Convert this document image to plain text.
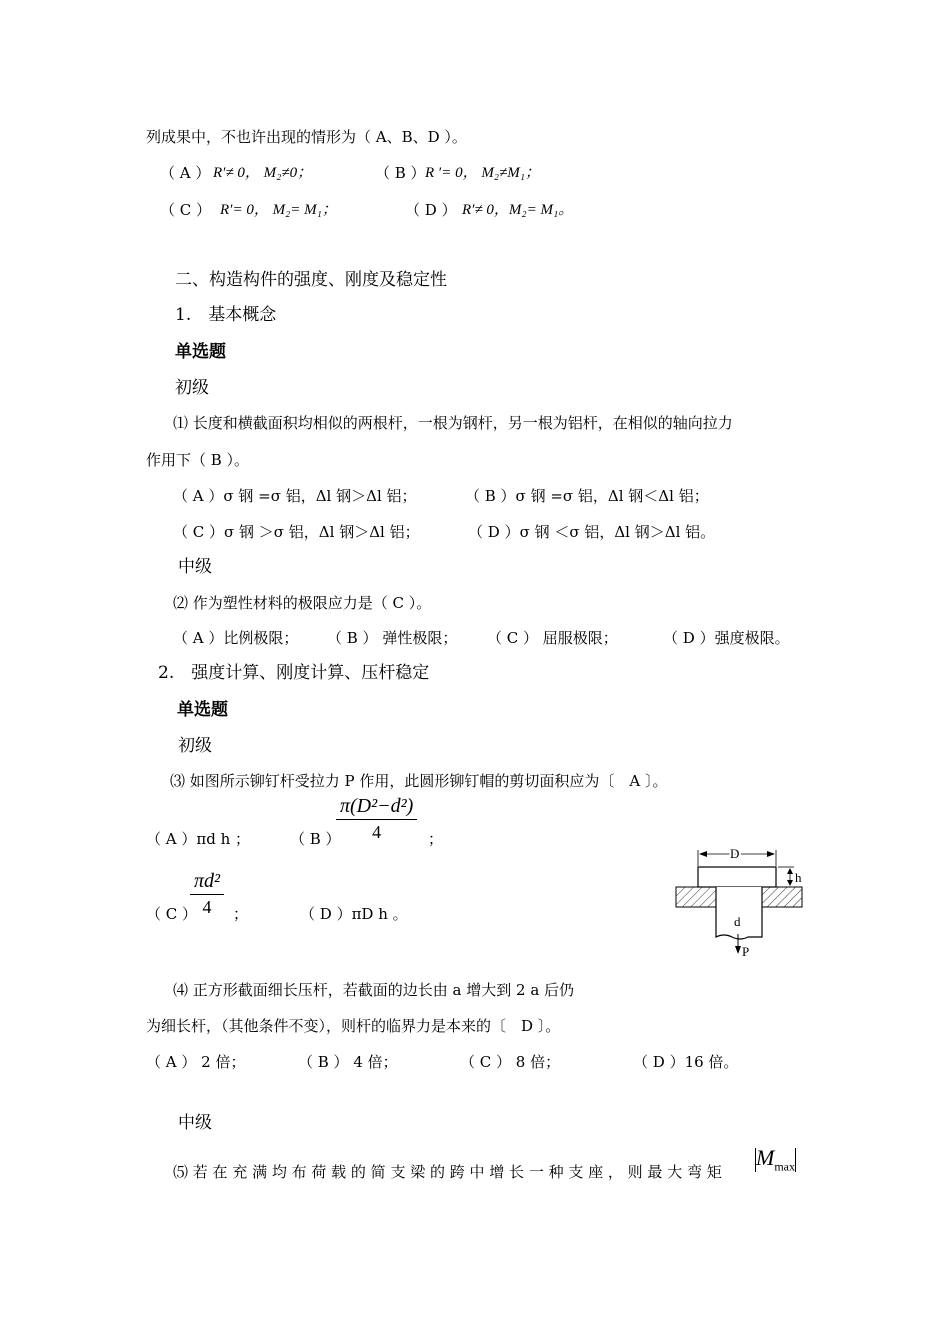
列成果中，不也许出现的情形为（ A、B、D ）。
（ A ） R′≠ 0， M₂≠0；	（ B ） R ′= 0， M₂≠M₁；
（ C ） R′= 0， M₂= M₁；	（ D ） R′≠ 0，M₂= M₁。
二、构造构件的强度、刚度及稳定性
1.　基本概念
单选题
初级
⑴ 长度和横截面积均相似的两根杆，一根为钢杆，另一根为铝杆，在相似的轴向拉力
作用下（ B ）。
（ A ）σ 钢 =σ 铝，Δl 钢＞Δl 铝；	（ B ）σ 钢 =σ 铝，Δl 钢＜Δl 铝；
（ C ）σ 钢 ＞σ 铝，Δl 钢＞Δl 铝；	（ D ）σ 钢 ＜σ 铝，Δl 钢＞Δl 铝。
中级
⑵ 作为塑性材料的极限应力是（ C ）。
（ A ）比例极限； （ B ） 弹性极限； （ C ） 屈服极限；	（ D ）强度极限。
2.　强度计算、刚度计算、压杆稳定
单选题
初级
⑶ 如图所示铆钉杆受拉力 P 作用，此圆形铆钉帽的剪切面积应为〔　A 〕。
（ A ）πd h ；	（ B ）
$\frac{\text{π(D²−d²)}}{4}$ ；
（ C ）
$\frac{\text{πd²}}{4}$ ；	（ D ）πD h 。
D
h
d
P
⑷ 正方形截面细长压杆，若截面的边长由 a 增大到 2 a 后仍
为细长杆，（其他条件不变），则杆的临界力是本来的〔　D 〕。
（ A ） 2 倍；	（ B ） 4 倍；	（ C ） 8 倍；	（ D ）16 倍。
中级
⑸ 若 在 充 满 均 布 荷 载 的 简 支 梁 的 跨 中 增 长 一 种 支 座 ， 则 最 大 弯 矩
$M_{max}$
